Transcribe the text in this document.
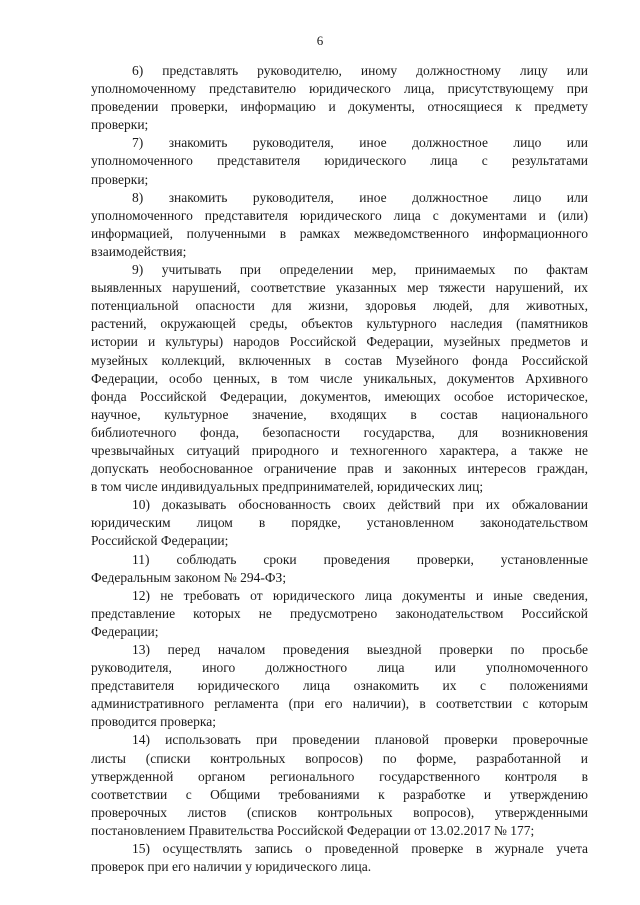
6
6) представлять руководителю, иному должностному лицу или
уполномоченному представителю юридического лица, присутствующему при
проведении проверки, информацию и документы, относящиеся к предмету
проверки;
7) знакомить руководителя, иное должностное лицо или
уполномоченного представителя юридического лица с результатами
проверки;
8) знакомить руководителя, иное должностное лицо или
уполномоченного представителя юридического лица с документами и (или)
информацией, полученными в рамках межведомственного информационного
взаимодействия;
9) учитывать при определении мер, принимаемых по фактам
выявленных нарушений, соответствие указанных мер тяжести нарушений, их
потенциальной опасности для жизни, здоровья людей, для животных,
растений, окружающей среды, объектов культурного наследия (памятников
истории и культуры) народов Российской Федерации, музейных предметов и
музейных коллекций, включенных в состав Музейного фонда Российской
Федерации, особо ценных, в том числе уникальных, документов Архивного
фонда Российской Федерации, документов, имеющих особое историческое,
научное, культурное значение, входящих в состав национального
библиотечного фонда, безопасности государства, для возникновения
чрезвычайных ситуаций природного и техногенного характера, а также не
допускать необоснованное ограничение прав и законных интересов граждан,
в том числе индивидуальных предпринимателей, юридических лиц;
10) доказывать обоснованность своих действий при их обжаловании
юридическим лицом в порядке, установленном законодательством
Российской Федерации;
11) соблюдать сроки проведения проверки, установленные
Федеральным законом № 294-ФЗ;
12) не требовать от юридического лица документы и иные сведения,
представление которых не предусмотрено законодательством Российской
Федерации;
13) перед началом проведения выездной проверки по просьбе
руководителя, иного должностного лица или уполномоченного
представителя юридического лица ознакомить их с положениями
административного регламента (при его наличии), в соответствии с которым
проводится проверка;
14) использовать при проведении плановой проверки проверочные
листы (списки контрольных вопросов) по форме, разработанной и
утвержденной органом регионального государственного контроля в
соответствии с Общими требованиями к разработке и утверждению
проверочных листов (списков контрольных вопросов), утвержденными
постановлением Правительства Российской Федерации от 13.02.2017 № 177;
15) осуществлять запись о проведенной проверке в журнале учета
проверок при его наличии у юридического лица.
